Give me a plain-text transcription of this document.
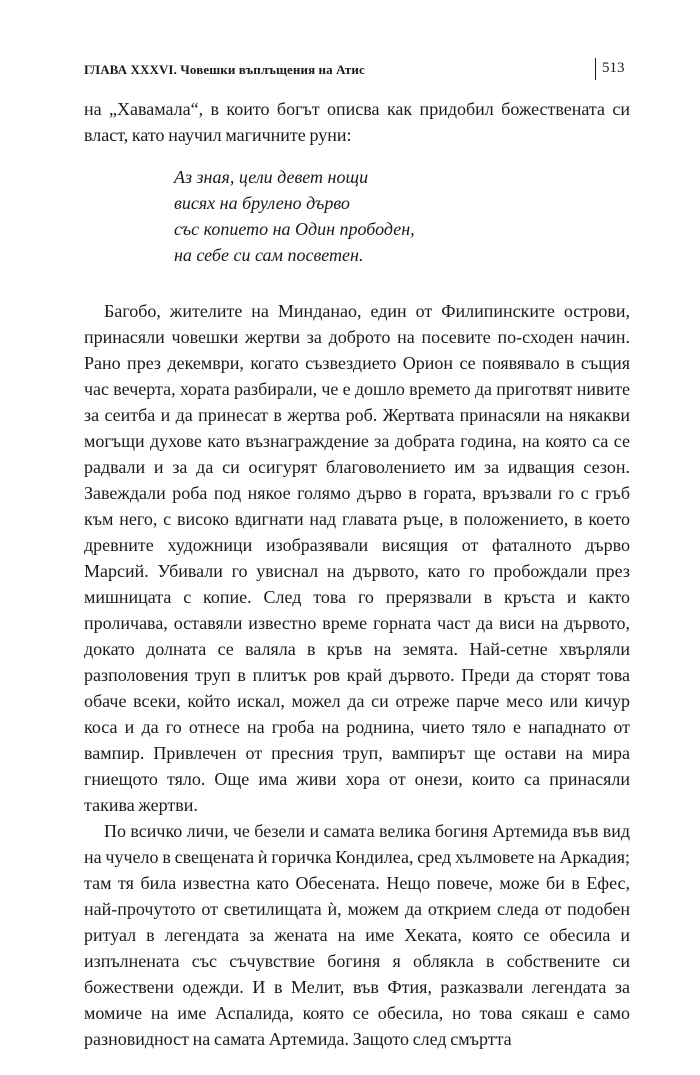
ГЛАВА XXXVI. Човешки въплъщения на Атис	513

на „Хавамала“, в които богът описва как придобил божествената си власт, като научил магичните руни:

Аз зная, цели девет нощи
висях на брулено дърво
със копието на Один прободен,
на себе си сам посветен.

Багобо, жителите на Минданао, един от Филипинските острови, принасяли човешки жертви за доброто на посевите по-сходен начин. Рано през декември, когато съзвездието Орион се появявало в същия час вечерта, хората разбирали, че е дошло времето да приготвят нивите за сеитба и да принесат в жертва роб. Жертвата принасяли на някакви могъщи духове като възнаграждение за добрата година, на която са се радвали и за да си осигурят благоволението им за идващия сезон. Завеждали роба под някое голямо дърво в гората, връзвали го с гръб към него, с високо вдигнати над главата ръце, в положението, в което древните художници изобразявали висящия от фаталното дърво Марсий. Убивали го увиснал на дървото, като го пробождали през мишницата с копие. След това го прерязвали в кръста и както проличава, оставяли известно време горната част да виси на дървото, докато долната се валяла в кръв на земята. Най-сетне хвърляли разполовения труп в плитък ров край дървото. Преди да сторят това обаче всеки, който искал, можел да си отреже парче месо или кичур коса и да го отнесе на гроба на роднина, чието тяло е нападнато от вампир. Привлечен от пресния труп, вампирът ще остави на мира гниещото тяло. Още има живи хора от онези, които са принасяли такива жертви.

По всичко личи, че безели и самата велика богиня Артемида във вид на чучело в свещената ѝ горичка Кондилеа, сред хълмовете на Аркадия; там тя била известна като Обесената. Нещо повече, може би в Ефес, най-прочутото от светилищата ѝ, можем да открием следа от подобен ритуал в легендата за жената на име Хеката, която се обесила и изпълнената със съчувствие богиня я облякла в собствените си божествени одежди. И в Мелит, във Фтия, разказвали легендата за момиче на име Аспалида, която се обесила, но това сякаш е само разновидност на самата Артемида. Защото след смъртта
